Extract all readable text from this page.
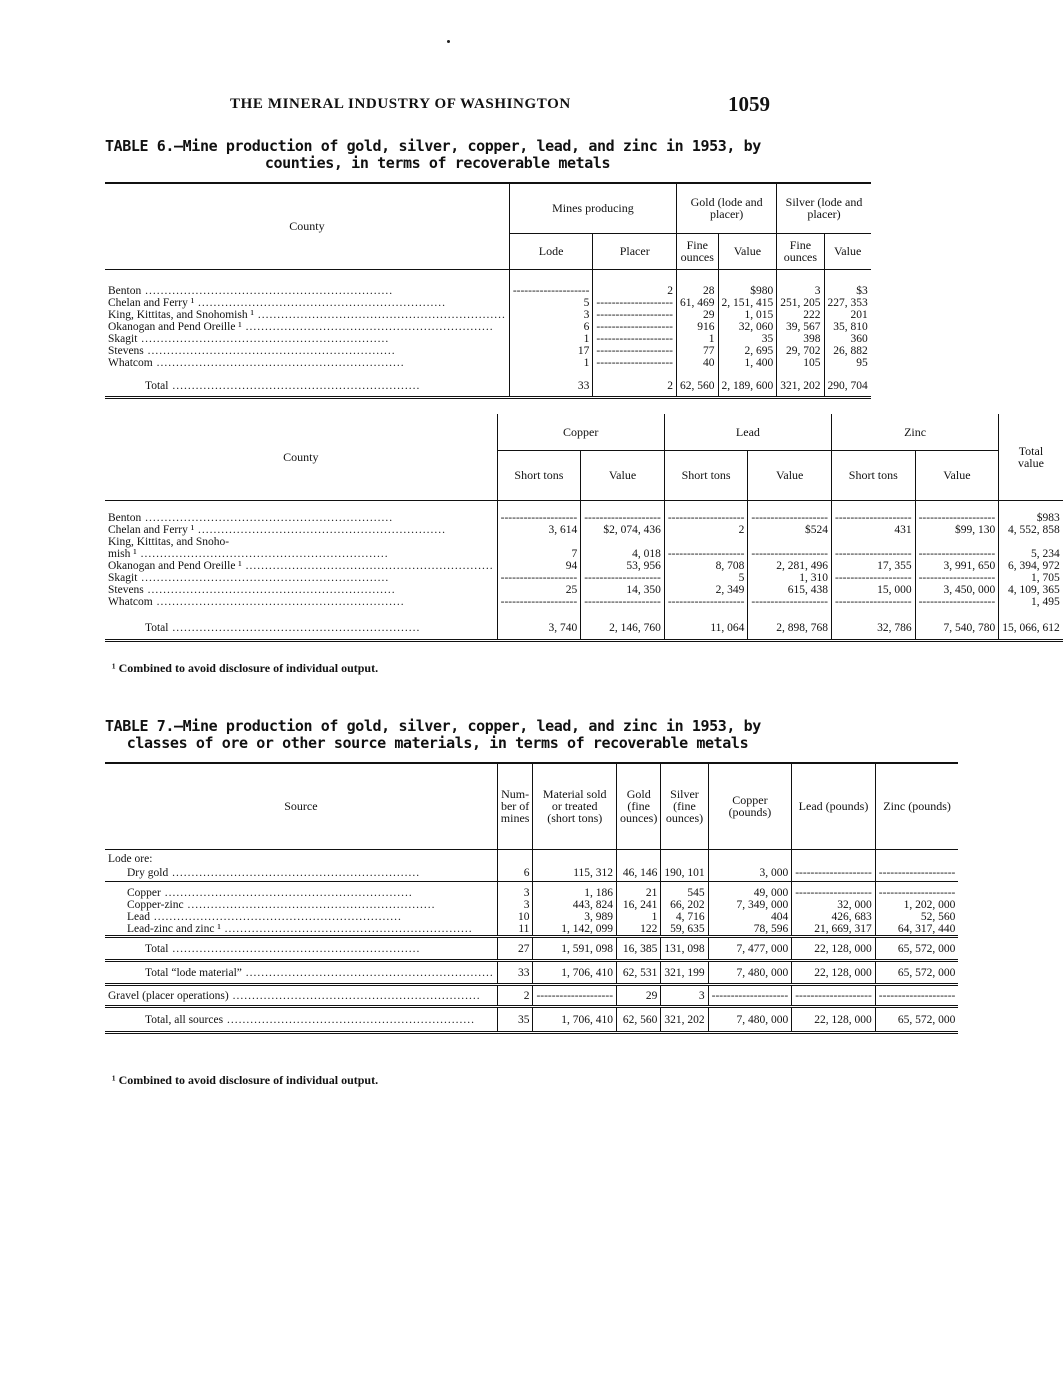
THE MINERAL INDUSTRY OF WASHINGTON	1059
TABLE 6.—Mine production of gold, silver, copper, lead, and zinc in 1953, by
counties, in terms of recoverable metals
County	Mines producing		Gold (lode and placer)		Silver (lode and placer)	
	Lode	Placer	Fine ounces	Value	Fine ounces	Value

Benton .....	-----	2	28	$980	3	$3
Chelan and Ferry ¹ .....	5	-----	61, 469	2, 151, 415	251, 205	227, 353
King, Kittitas, and Snohomish ¹ .....	3	-----	29	1, 015	222	201
Okanogan and Pend Oreille ¹ .....	6	-----	916	32, 060	39, 567	35, 810
Skagit .....	1	-----	1	35	398	360
Stevens .....	17	-----	77	2, 695	29, 702	26, 882
Whatcom .....	1	-----	40	1, 400	105	95

Total .....	33	2	62, 560	2, 189, 600	321, 202	290, 704
County	Copper		Lead		Zinc		Total value
	Short tons	Value	Short tons	Value	Short tons	Value	

Benton .....	-----	-----	-----	-----	-----	-----	$983
Chelan and Ferry ¹ .....	3, 614	$2, 074, 436	2	$524	431	$99, 130	4, 552, 858

King, Kittitas, and Snoho-
mish ¹ .....	7	4, 018	-----	-----	-----	-----	5, 234
Okanogan and Pend Oreille ¹ .....	94	53, 956	8, 708	2, 281, 496	17, 355	3, 991, 650	6, 394, 972
Skagit .....	-----	-----	5	1, 310	-----	-----	1, 705
Stevens .....	25	14, 350	2, 349	615, 438	15, 000	3, 450, 000	4, 109, 365
Whatcom .....	-----	-----	-----	-----	-----	-----	1, 495

Total .....	3, 740	2, 146, 760	11, 064	2, 898, 768	32, 786	7, 540, 780	15, 066, 612
¹ Combined to avoid disclosure of individual output.
TABLE 7.—Mine production of gold, silver, copper, lead, and zinc in 1953, by
classes of ore or other source materials, in terms of recoverable metals
Source	Num- ber of mines	Material sold or treated (short tons)	Gold (fine ounces)	Silver (fine ounces)	Copper (pounds)	Lead (pounds)	Zinc (pounds)
Lode ore:							
Dry gold .....	6	115, 312	46, 146	190, 101	3, 000	-----	-----

Copper .....	3	1, 186	21	545	49, 000	-----	-----
Copper-zinc .....	3	443, 824	16, 241	66, 202	7, 349, 000	32, 000	1, 202, 000
Lead .....	10	3, 989	1	4, 716	404	426, 683	52, 560
Lead-zinc and zinc ¹ .....	11	1, 142, 099	122	59, 635	78, 596	21, 669, 317	64, 317, 440
Total .....	27	1, 591, 098	16, 385	131, 098	7, 477, 000	22, 128, 000	65, 572, 000
Total “lode material” .....	33	1, 706, 410	62, 531	321, 199	7, 480, 000	22, 128, 000	65, 572, 000
Gravel (placer operations) .....	2	-----	29	3	-----	-----	-----
Total, all sources .....	35	1, 706, 410	62, 560	321, 202	7, 480, 000	22, 128, 000	65, 572, 000
¹ Combined to avoid disclosure of individual output.
